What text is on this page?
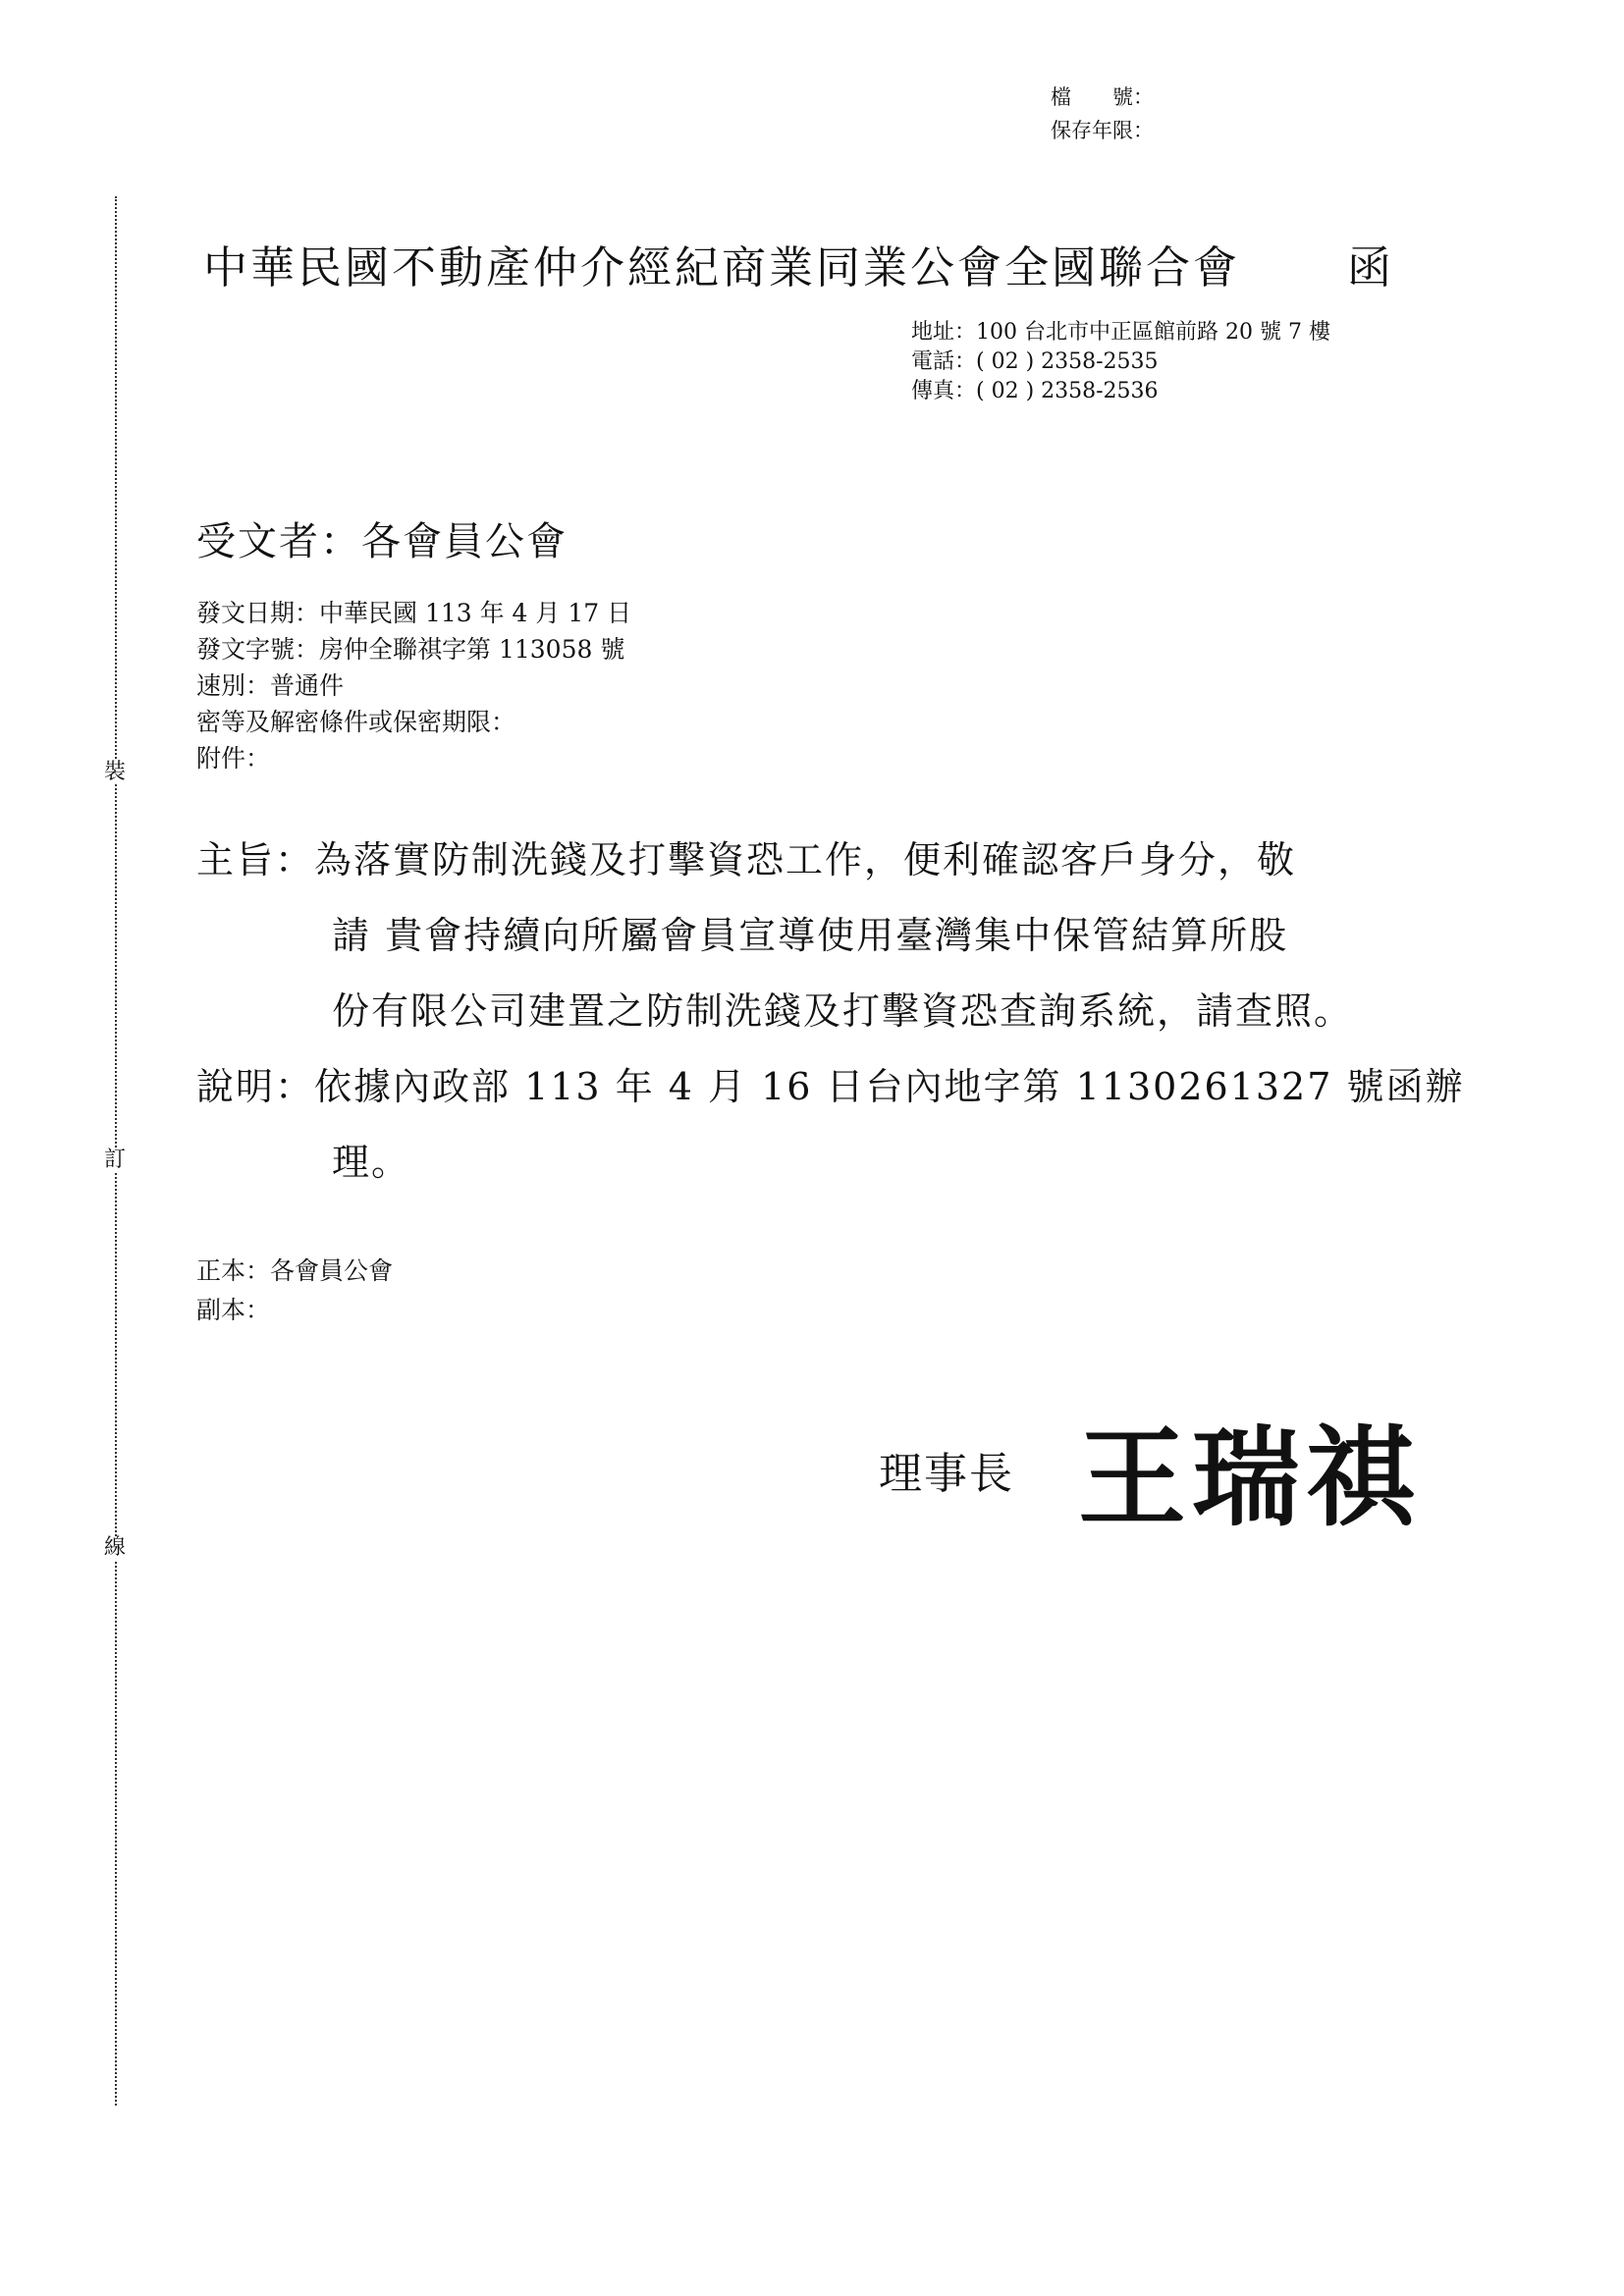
檔　　號：
保存年限：
裝
訂
線
中華民國不動產仲介經紀商業同業公會全國聯合會 函
地址：100 台北市中正區館前路 20 號 7 樓
電話：( 02 ) 2358-2535
傳真：( 02 ) 2358-2536
受文者：各會員公會
發文日期：中華民國 113 年 4 月 17 日
發文字號：房仲全聯祺字第 113058 號
速別：普通件
密等及解密條件或保密期限：
附件：
主旨：為落實防制洗錢及打擊資恐工作，便利確認客戶身分，敬
請 貴會持續向所屬會員宣導使用臺灣集中保管結算所股
份有限公司建置之防制洗錢及打擊資恐查詢系統，請查照。
說明：依據內政部 113 年 4 月 16 日台內地字第 1130261327 號函辦
理。
正本：各會員公會
副本：
理事長 王瑞祺
